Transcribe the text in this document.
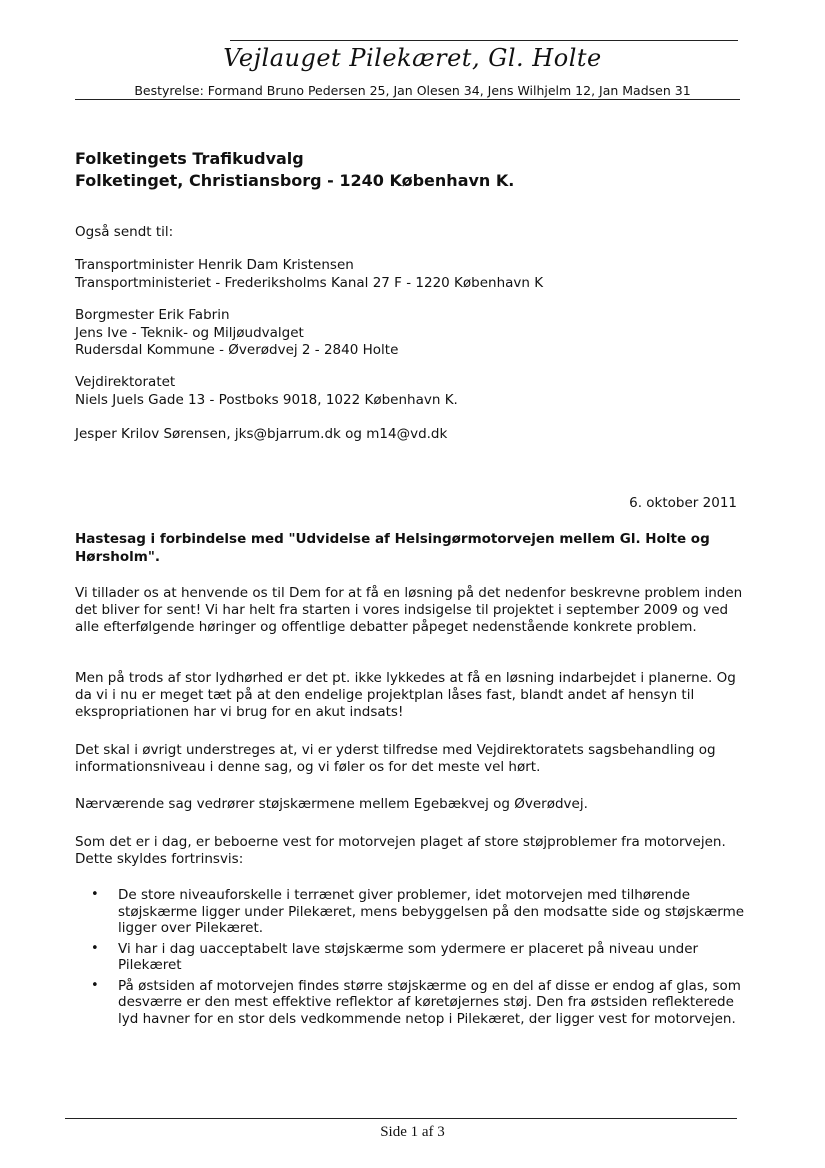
Vejlauget Pilekæret, Gl. Holte
Bestyrelse: Formand Bruno Pedersen 25, Jan Olesen 34, Jens Wilhjelm 12, Jan Madsen 31
Folketingets Trafikudvalg
Folketinget, Christiansborg - 1240 København K.
Også sendt til:
Transportminister Henrik Dam Kristensen
Transportministeriet - Frederiksholms Kanal 27 F - 1220 København K
Borgmester Erik Fabrin
Jens Ive - Teknik- og Miljøudvalget
Rudersdal Kommune - Øverødvej 2 - 2840 Holte
Vejdirektoratet
Niels Juels Gade 13 - Postboks 9018, 1022 København K.
Jesper Krilov Sørensen, jks@bjarrum.dk og m14@vd.dk
6. oktober 2011
Hastesag i forbindelse med "Udvidelse af Helsingørmotorvejen mellem Gl. Holte og Hørsholm".
Vi tillader os at henvende os til Dem for at få en løsning på det nedenfor beskrevne problem inden det bliver for sent! Vi har helt fra starten i vores indsigelse til projektet i september 2009 og ved alle efterfølgende høringer og offentlige debatter påpeget nedenstående konkrete problem.
Men på trods af stor lydhørhed er det pt. ikke lykkedes at få en løsning indarbejdet i planerne. Og da vi i nu er meget tæt på at den endelige projektplan låses fast, blandt andet af hensyn til ekspropriationen har vi brug for en akut indsats!
Det skal i øvrigt understreges at, vi er yderst tilfredse med Vejdirektoratets sagsbehandling og informationsniveau i denne sag, og vi føler os for det meste vel hørt.
Nærværende sag vedrører støjskærmene mellem Egebækvej og Øverødvej.
Som det er i dag, er beboerne vest for motorvejen plaget af store støjproblemer fra motorvejen. Dette skyldes fortrinsvis:
• De store niveauforskelle i terrænet giver problemer, idet motorvejen med tilhørende støjskærme ligger under Pilekæret, mens bebyggelsen på den modsatte side og støjskærme ligger over Pilekæret.
• Vi har i dag uacceptabelt lave støjskærme som ydermere er placeret på niveau under Pilekæret
• På østsiden af motorvejen findes større støjskærme og en del af disse er endog af glas, som desværre er den mest effektive reflektor af køretøjernes støj. Den fra østsiden reflekterede lyd havner for en stor dels vedkommende netop i Pilekæret, der ligger vest for motorvejen.
Side 1 af 3
